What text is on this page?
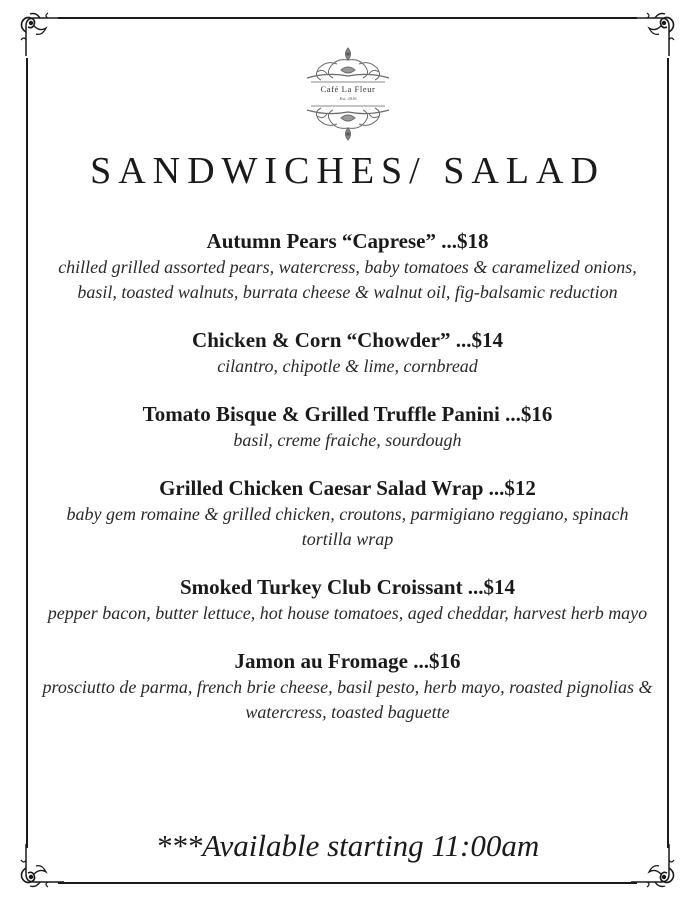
Café La Fleur
Est. 2016
SANDWICHES/ SALAD
Autumn Pears “Caprese” ...$18
chilled grilled assorted pears, watercress, baby tomatoes & caramelized onions, basil, toasted walnuts, burrata cheese & walnut oil, fig-balsamic reduction
Chicken & Corn “Chowder” ...$14
cilantro, chipotle & lime, cornbread
Tomato Bisque & Grilled Truffle Panini ...$16
basil, creme fraiche, sourdough
Grilled Chicken Caesar Salad Wrap ...$12
baby gem romaine & grilled chicken, croutons, parmigiano reggiano, spinach tortilla wrap
Smoked Turkey Club Croissant ...$14
pepper bacon, butter lettuce, hot house tomatoes, aged cheddar, harvest herb mayo
Jamon au Fromage ...$16
prosciutto de parma, french brie cheese, basil pesto, herb mayo, roasted pignolias & watercress, toasted baguette
***Available starting 11:00am
